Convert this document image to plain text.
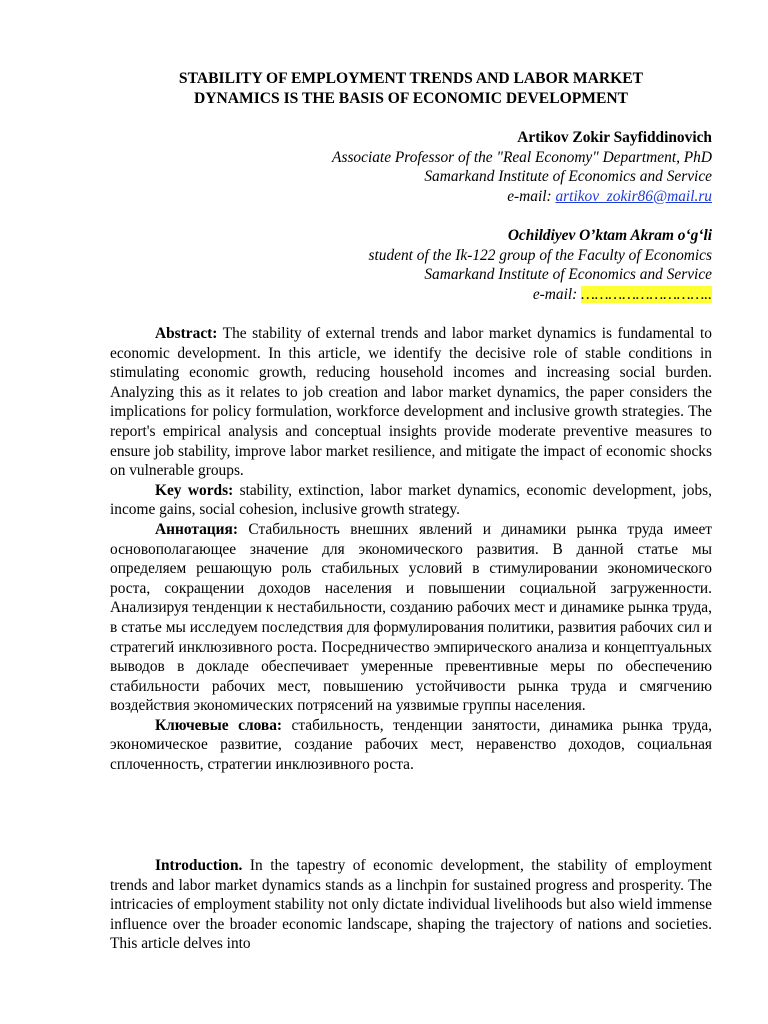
STABILITY OF EMPLOYMENT TRENDS AND LABOR MARKET
DYNAMICS IS THE BASIS OF ECONOMIC DEVELOPMENT
Artikov Zokir Sayfiddinovich
Associate Professor of the "Real Economy" Department, PhD
Samarkand Institute of Economics and Service
e-mail: artikov_zokir86@mail.ru
Ochildiyev O’ktam Akram o‘g‘li
student of the Ik-122 group of the Faculty of Economics
Samarkand Institute of Economics and Service
e-mail: ………………………..

Abstract: The stability of external trends and labor market dynamics is fundamental to economic development. In this article, we identify the decisive role of stable conditions in stimulating economic growth, reducing household incomes and increasing social burden. Analyzing this as it relates to job creation and labor market dynamics, the paper considers the implications for policy formulation, workforce development and inclusive growth strategies. The report's empirical analysis and conceptual insights provide moderate preventive measures to ensure job stability, improve labor market resilience, and mitigate the impact of economic shocks on vulnerable groups.

Key words: stability, extinction, labor market dynamics, economic development, jobs, income gains, social cohesion, inclusive growth strategy.

Аннотация: Стабильность внешних явлений и динамики рынка труда имеет основополагающее значение для экономического развития. В данной статье мы определяем решающую роль стабильных условий в стимулировании экономического роста, сокращении доходов населения и повышении социальной загруженности. Анализируя тенденции к нестабильности, созданию рабочих мест и динамике рынка труда, в статье мы исследуем последствия для формулирования политики, развития рабочих сил и стратегий инклюзивного роста. Посредничество эмпирического анализа и концептуальных выводов в докладе обеспечивает умеренные превентивные меры по обеспечению стабильности рабочих мест, повышению устойчивости рынка труда и смягчению воздействия экономических потрясений на уязвимые группы населения.

Ключевые слова: стабильность, тенденции занятости, динамика рынка труда, экономическое развитие, создание рабочих мест, неравенство доходов, социальная сплоченность, стратегии инклюзивного роста.

Introduction. In the tapestry of economic development, the stability of employment trends and labor market dynamics stands as a linchpin for sustained progress and prosperity. The intricacies of employment stability not only dictate individual livelihoods but also wield immense influence over the broader economic landscape, shaping the trajectory of nations and societies. This article delves into
